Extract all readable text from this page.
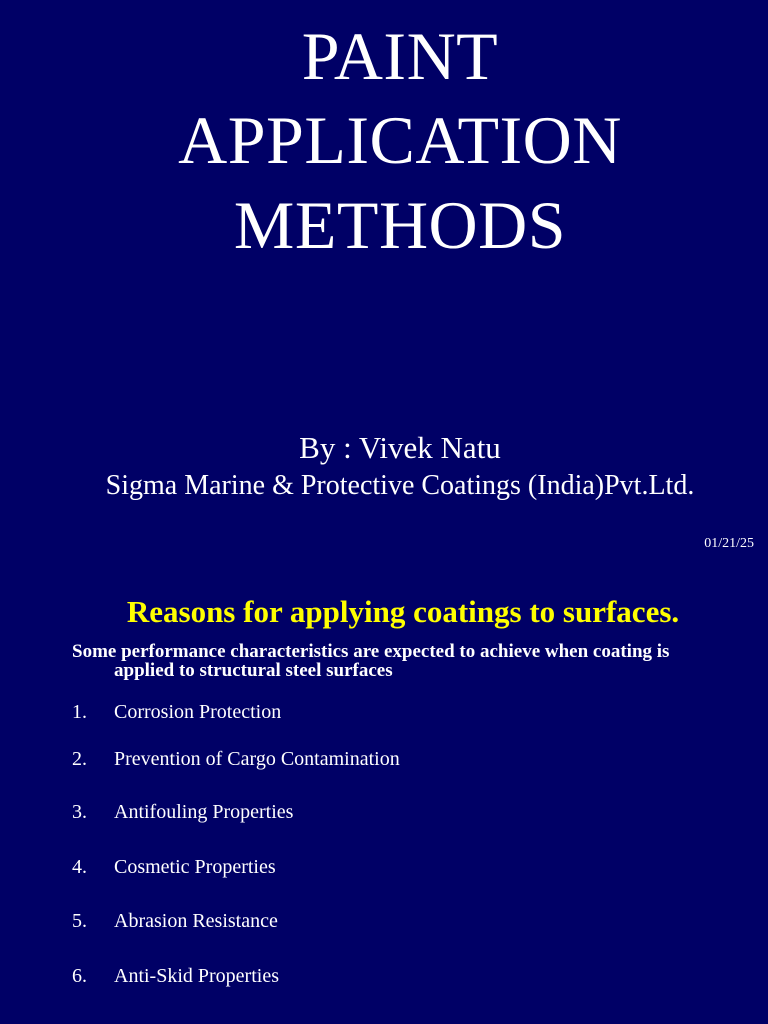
PAINT
APPLICATION
METHODS
By : Vivek Natu
Sigma Marine & Protective Coatings (India)Pvt.Ltd.
01/21/25
Reasons for applying coatings to surfaces.
Some performance characteristics are expected to achieve when coating is
applied to structural steel surfaces
1. Corrosion Protection
2. Prevention of Cargo Contamination
3. Antifouling Properties
4. Cosmetic Properties
5. Abrasion Resistance
6. Anti-Skid Properties
